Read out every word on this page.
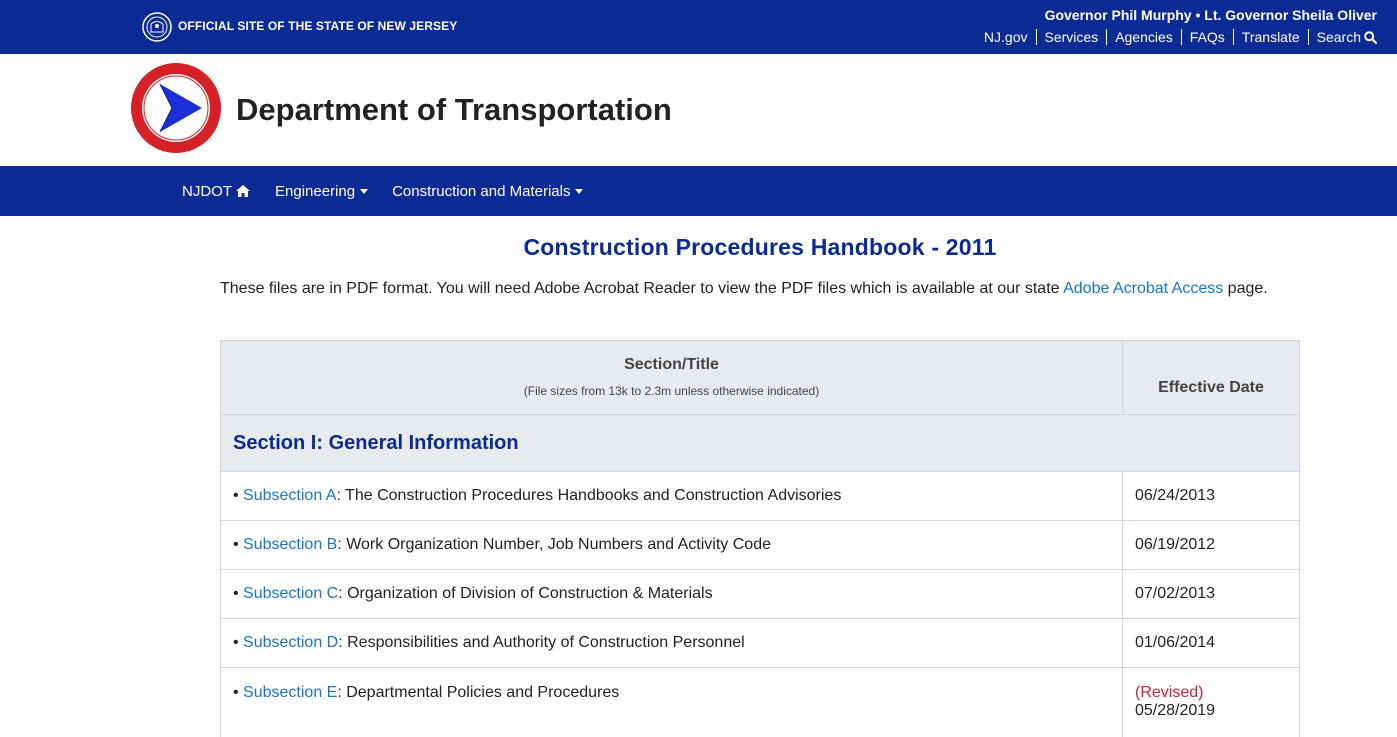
OFFICIAL SITE OF THE STATE OF NEW JERSEY
Governor Phil Murphy • Lt. Governor Sheila Oliver
NJ.gov	Services	Agencies	FAQs	Translate	Search
Department of Transportation
NJDOT	Engineering Construction and Materials
Construction Procedures Handbook - 2011
These files are in PDF format. You will need Adobe Acrobat Reader to view the PDF files which is available at our state Adobe Acrobat Access page.
Section/Title
(File sizes from 13k to 2.3m unless otherwise indicated)	Effective Date
Section I: General Information	
• Subsection A: The Construction Procedures Handbooks and Construction Advisories	06/24/2013
• Subsection B: Work Organization Number, Job Numbers and Activity Code	06/19/2012
• Subsection C: Organization of Division of Construction & Materials	07/02/2013
• Subsection D: Responsibilities and Authority of Construction Personnel	01/06/2014
• Subsection E: Departmental Policies and Procedures	(Revised)
05/28/2019
